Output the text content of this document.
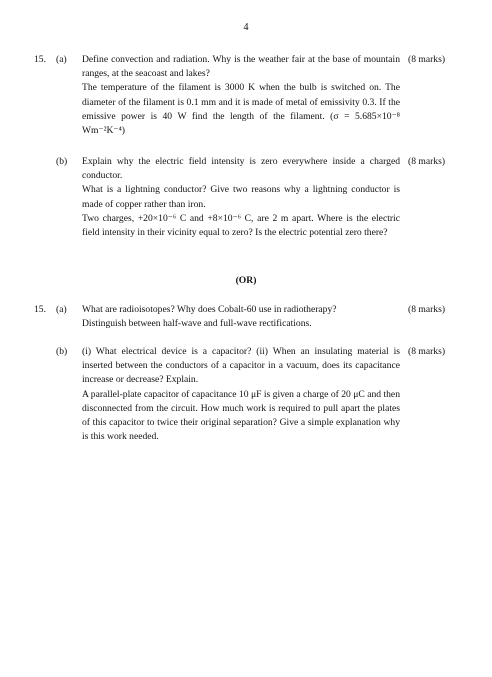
4
15. (a) Define convection and radiation. Why is the weather fair at the base of mountain ranges, at the seacoast and lakes?

The temperature of the filament is 3000 K when the bulb is switched on. The diameter of the filament is 0.1 mm and it is made of metal of emissivity 0.3. If the emissive power is 40 W find the length of the filament. (σ = 5.685×10⁻⁸ Wm⁻²K⁻⁴)

(8 marks)
(b) Explain why the electric field intensity is zero everywhere inside a charged conductor.

What is a lightning conductor? Give two reasons why a lightning conductor is made of copper rather than iron.

Two charges, +20×10⁻⁶ C and +8×10⁻⁶ C, are 2 m apart. Where is the electric field intensity in their vicinity equal to zero? Is the electric potential zero there?

(8 marks)
(OR)
15. (a) What are radioisotopes? Why does Cobalt-60 use in radiotherapy?

Distinguish between half-wave and full-wave rectifications.

(8 marks)
(b) (i) What electrical device is a capacitor? (ii) When an insulating material is inserted between the conductors of a capacitor in a vacuum, does its capacitance increase or decrease? Explain.

A parallel-plate capacitor of capacitance 10 μF is given a charge of 20 μC and then disconnected from the circuit. How much work is required to pull apart the plates of this capacitor to twice their original separation? Give a simple explanation why is this work needed.

(8 marks)
